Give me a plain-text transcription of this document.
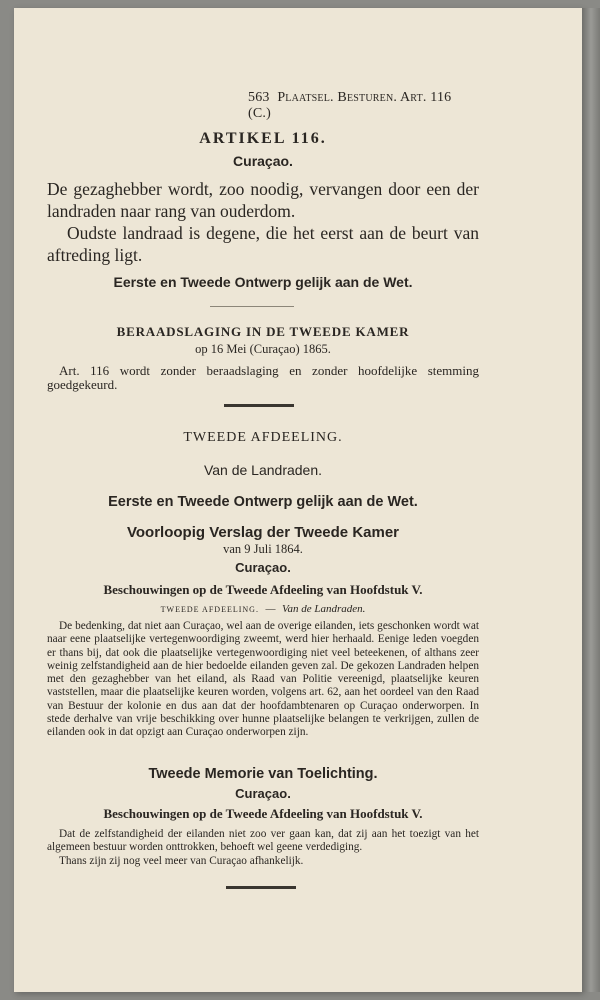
563 Plaatsel. Besturen. Art. 116 (C.)
ARTIKEL 116.
Curaçao.

De gezaghebber wordt, zoo noodig, vervangen door een der landraden naar rang van ouderdom.

Oudste landraad is degene, die het eerst aan de beurt van aftreding ligt.

Eerste en Tweede Ontwerp gelijk aan de Wet.
BERAADSLAGING IN DE TWEEDE KAMER
op 16 Mei (Curaçao) 1865.

Art. 116 wordt zonder beraadslaging en zonder hoofdelijke stemming goedgekeurd.

TWEEDE AFDEELING.
Van de Landraden.
Eerste en Tweede Ontwerp gelijk aan de Wet.
Voorloopig Verslag der Tweede Kamer
van 9 Juli 1864.
Curaçao.
Beschouwingen op de Tweede Afdeeling van Hoofdstuk V.
TWEEDE AFDEELING. — Van de Landraden.

De bedenking, dat niet aan Curaçao, wel aan de overige eilanden, iets geschonken wordt wat naar eene plaatselijke vertegenwoordiging zweemt, werd hier herhaald. Eenige leden voegden er thans bij, dat ook die plaatselijke vertegenwoordiging niet veel beteekenen, of althans zeer weinig zelfstandigheid aan de hier bedoelde eilanden geven zal. De gekozen Landraden helpen met den gezaghebber van het eiland, als Raad van Politie vereenigd, plaatselijke keuren vaststellen, maar die plaatselijke keuren worden, volgens art. 62, aan het oordeel van den Raad van Bestuur der kolonie en dus aan dat der hoofdambtenaren op Curaçao onderworpen. In stede derhalve van vrije beschikking over hunne plaatselijke belangen te verkrijgen, zullen de eilanden ook in dat opzigt aan Curaçao onderworpen zijn.

Tweede Memorie van Toelichting.
Curaçao.
Beschouwingen op de Tweede Afdeeling van Hoofdstuk V.

Dat de zelfstandigheid der eilanden niet zoo ver gaan kan, dat zij aan het toezigt van het algemeen bestuur worden onttrokken, behoeft wel geene verdediging.

Thans zijn zij nog veel meer van Curaçao afhankelijk.
